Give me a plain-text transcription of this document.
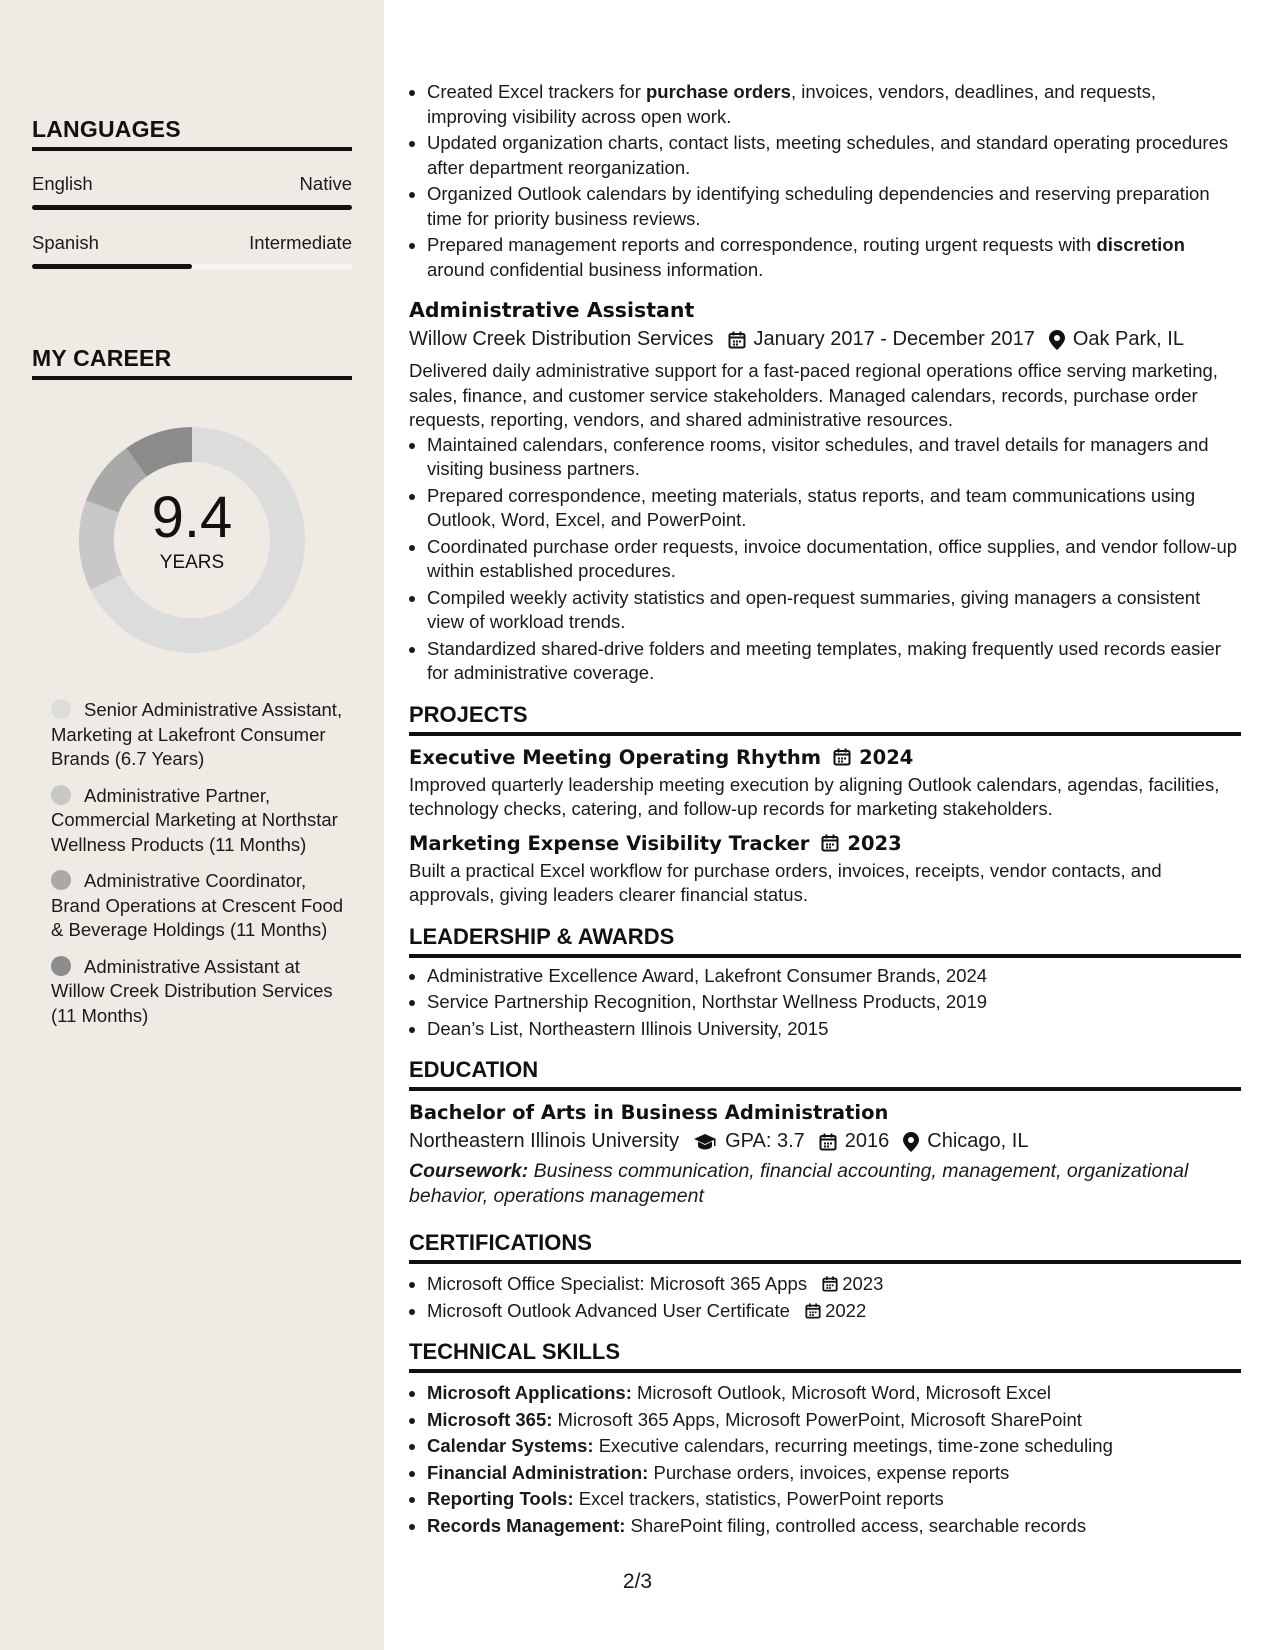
LANGUAGES
English	Native
Spanish	Intermediate
MY CAREER
9.4
YEARS
Senior Administrative Assistant, Marketing at Lakefront Consumer Brands (6.7 Years)
Administrative Partner, Commercial Marketing at Northstar Wellness Products (11 Months)
Administrative Coordinator, Brand Operations at Crescent Food & Beverage Holdings (11 Months)
Administrative Assistant at Willow Creek Distribution Services (11 Months)
• Created Excel trackers for purchase orders, invoices, vendors, deadlines, and requests, improving visibility across open work.
• Updated organization charts, contact lists, meeting schedules, and standard operating procedures after department reorganization.
• Organized Outlook calendars by identifying scheduling dependencies and reserving preparation time for priority business reviews.
• Prepared management reports and correspondence, routing urgent requests with discretion around confidential business information.
Administrative Assistant
Willow Creek Distribution Services January 2017 - December 2017 Oak Park, IL
Delivered daily administrative support for a fast-paced regional operations office serving marketing, sales, finance, and customer service stakeholders. Managed calendars, records, purchase order requests, reporting, vendors, and shared administrative resources.
• Maintained calendars, conference rooms, visitor schedules, and travel details for managers and visiting business partners.
• Prepared correspondence, meeting materials, status reports, and team communications using Outlook, Word, Excel, and PowerPoint.
• Coordinated purchase order requests, invoice documentation, office supplies, and vendor follow-up within established procedures.
• Compiled weekly activity statistics and open-request summaries, giving managers a consistent view of workload trends.
• Standardized shared-drive folders and meeting templates, making frequently used records easier for administrative coverage.
PROJECTS
Executive Meeting Operating Rhythm 2024
Improved quarterly leadership meeting execution by aligning Outlook calendars, agendas, facilities, technology checks, catering, and follow-up records for marketing stakeholders.
Marketing Expense Visibility Tracker 2023
Built a practical Excel workflow for purchase orders, invoices, receipts, vendor contacts, and approvals, giving leaders clearer financial status.
LEADERSHIP & AWARDS
• Administrative Excellence Award, Lakefront Consumer Brands, 2024
• Service Partnership Recognition, Northstar Wellness Products, 2019
• Dean’s List, Northeastern Illinois University, 2015
EDUCATION
Bachelor of Arts in Business Administration
Northeastern Illinois University GPA: 3.7 2016 Chicago, IL
Coursework: Business communication, financial accounting, management, organizational behavior, operations management
CERTIFICATIONS
• Microsoft Office Specialist: Microsoft 365 Apps 2023
• Microsoft Outlook Advanced User Certificate 2022
TECHNICAL SKILLS
• Microsoft Applications: Microsoft Outlook, Microsoft Word, Microsoft Excel
• Microsoft 365: Microsoft 365 Apps, Microsoft PowerPoint, Microsoft SharePoint
• Calendar Systems: Executive calendars, recurring meetings, time-zone scheduling
• Financial Administration: Purchase orders, invoices, expense reports
• Reporting Tools: Excel trackers, statistics, PowerPoint reports
• Records Management: SharePoint filing, controlled access, searchable records
2/3
